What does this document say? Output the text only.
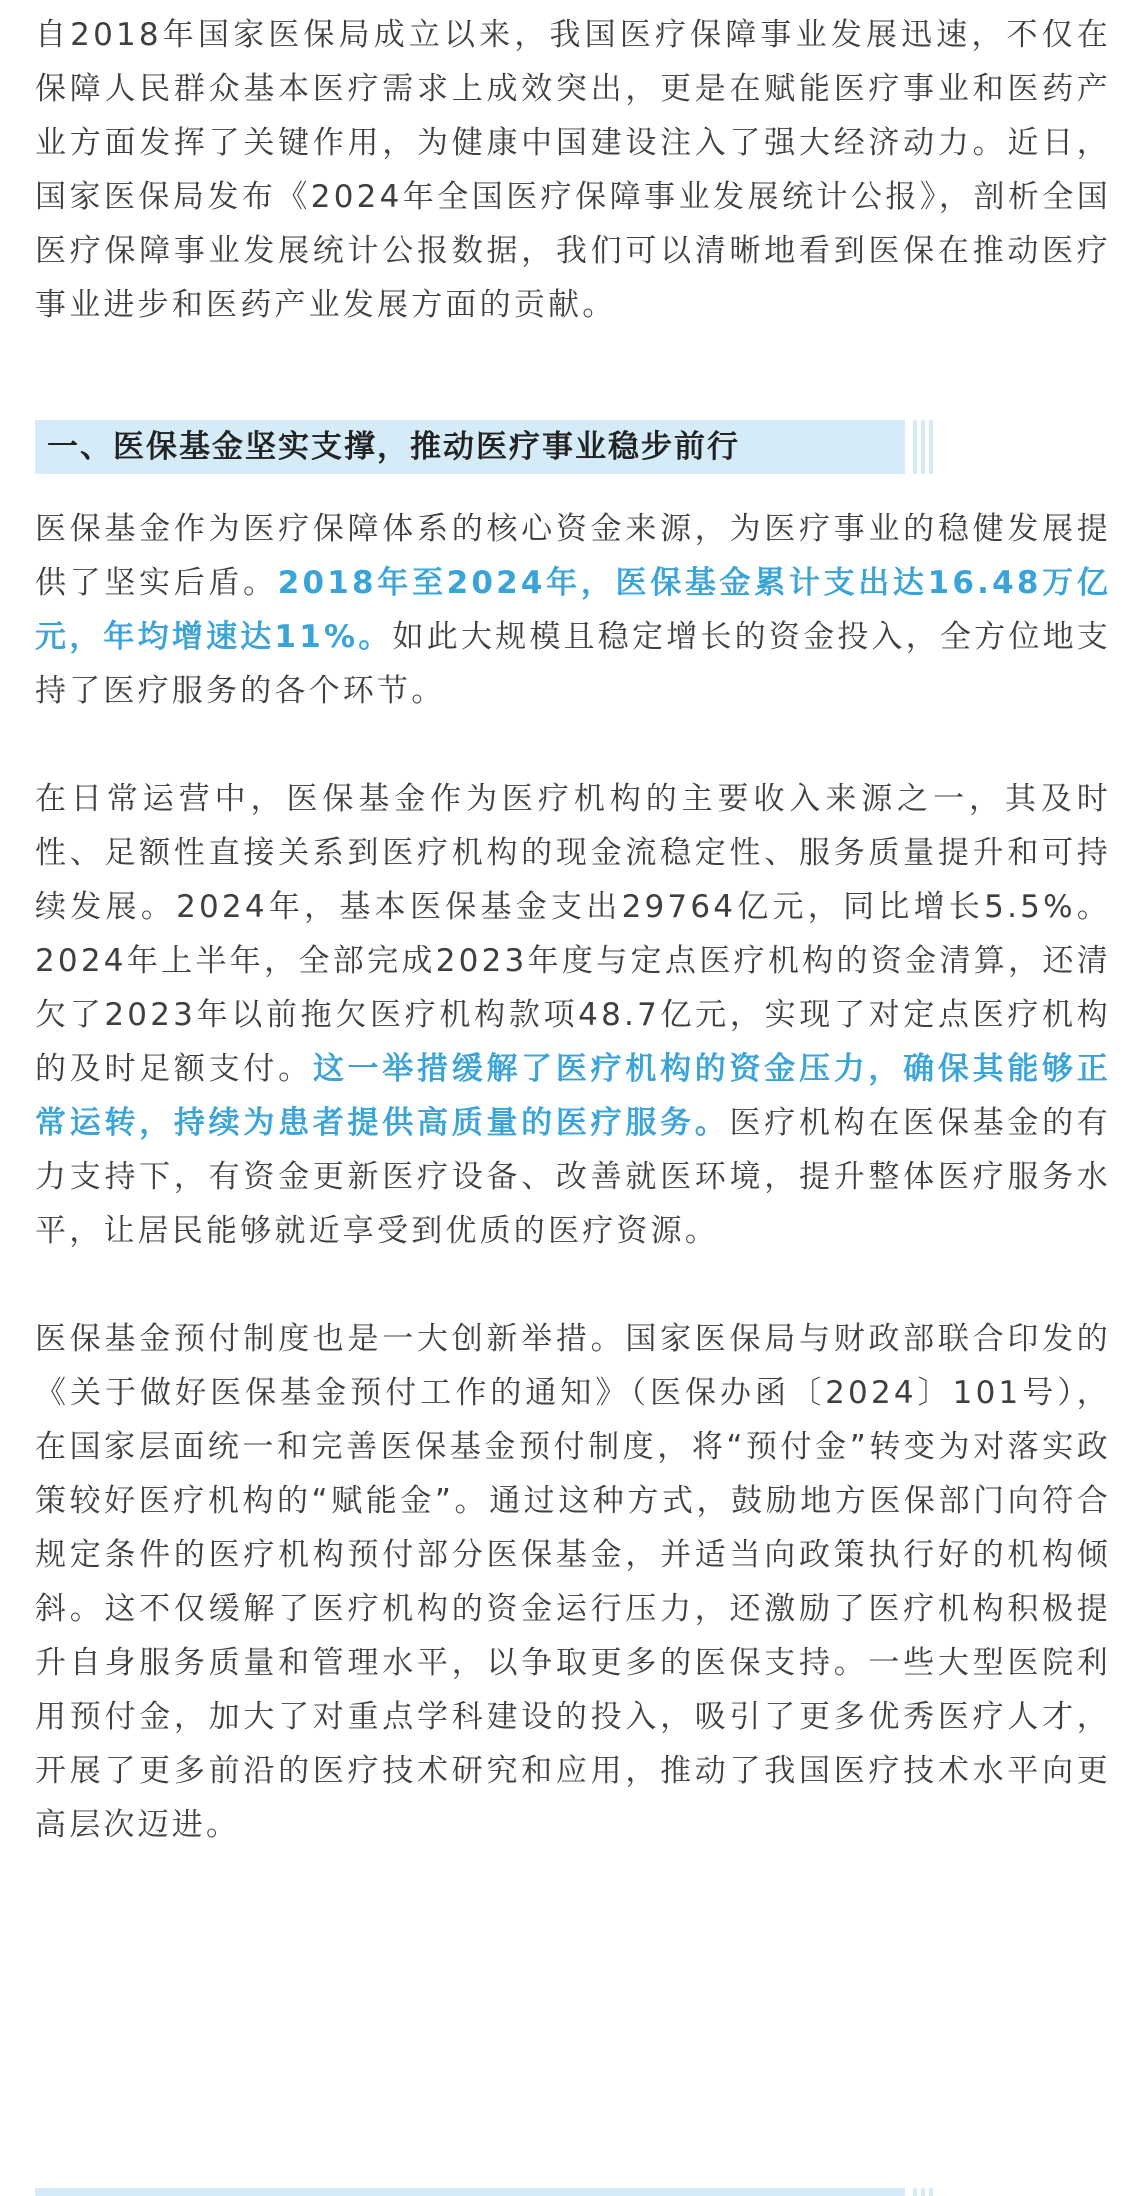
自2018年国家医保局成立以来，我国医疗保障事业发展迅速，不仅在保障人民群众基本医疗需求上成效突出，更是在赋能医疗事业和医药产业方面发挥了关键作用，为健康中国建设注入了强大经济动力。近日，国家医保局发布《2024年全国医疗保障事业发展统计公报》，剖析全国医疗保障事业发展统计公报数据，我们可以清晰地看到医保在推动医疗事业进步和医药产业发展方面的贡献。

一、医保基金坚实支撑，推动医疗事业稳步前行

医保基金作为医疗保障体系的核心资金来源，为医疗事业的稳健发展提供了坚实后盾。2018年至2024年，医保基金累计支出达16.48万亿元，年均增速达11%。如此大规模且稳定增长的资金投入，全方位地支持了医疗服务的各个环节。

在日常运营中，医保基金作为医疗机构的主要收入来源之一，其及时性、足额性直接关系到医疗机构的现金流稳定性、服务质量提升和可持续发展。2024年，基本医保基金支出29764亿元，同比增长5.5%。2024年上半年，全部完成2023年度与定点医疗机构的资金清算，还清欠了2023年以前拖欠医疗机构款项48.7亿元，实现了对定点医疗机构的及时足额支付。这一举措缓解了医疗机构的资金压力，确保其能够正常运转，持续为患者提供高质量的医疗服务。医疗机构在医保基金的有力支持下，有资金更新医疗设备、改善就医环境，提升整体医疗服务水平，让居民能够就近享受到优质的医疗资源。

医保基金预付制度也是一大创新举措。国家医保局与财政部联合印发的《关于做好医保基金预付工作的通知》（医保办函〔2024〕101号），在国家层面统一和完善医保基金预付制度，将“预付金”转变为对落实政策较好医疗机构的“赋能金”。通过这种方式，鼓励地方医保部门向符合规定条件的医疗机构预付部分医保基金，并适当向政策执行好的机构倾斜。这不仅缓解了医疗机构的资金运行压力，还激励了医疗机构积极提升自身服务质量和管理水平，以争取更多的医保支持。一些大型医院利用预付金，加大了对重点学科建设的投入，吸引了更多优秀医疗人才，开展了更多前沿的医疗技术研究和应用，推动了我国医疗技术水平向更高层次迈进。
